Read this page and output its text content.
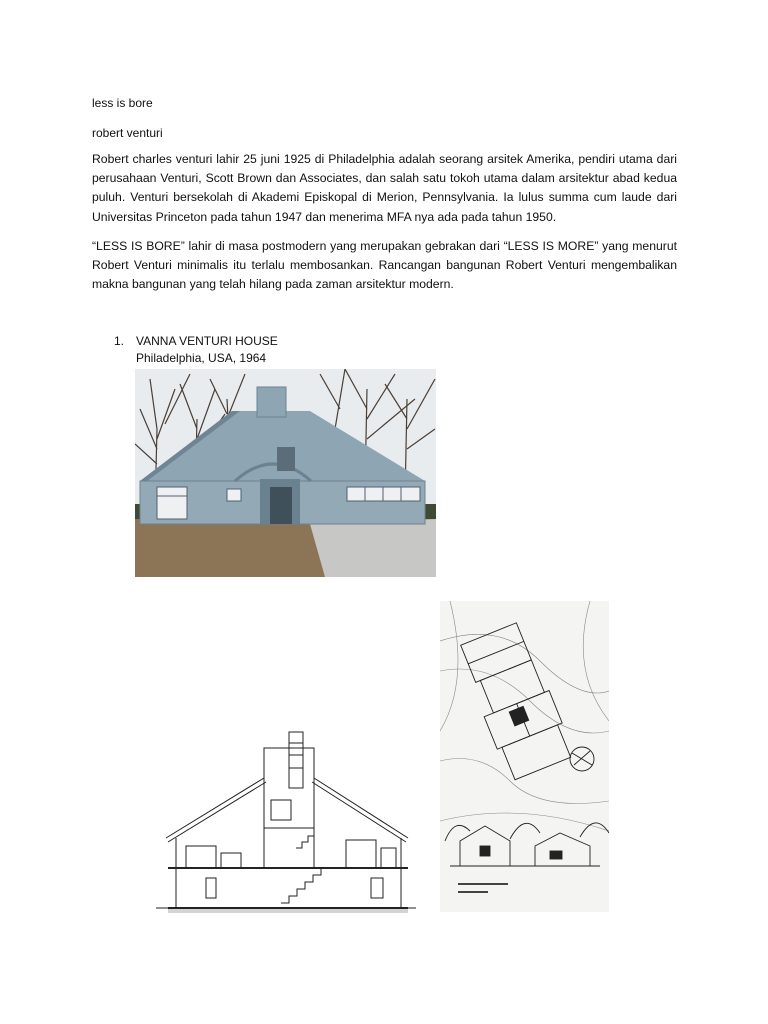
less is bore
robert venturi
Robert charles venturi lahir 25 juni 1925 di Philadelphia adalah seorang arsitek Amerika, pendiri utama dari perusahaan Venturi, Scott Brown dan Associates, dan salah satu tokoh utama dalam arsitektur abad kedua puluh. Venturi bersekolah di Akademi Episkopal di Merion, Pennsylvania. Ia lulus summa cum laude dari Universitas Princeton pada tahun 1947 dan menerima MFA nya ada pada tahun 1950.
“LESS IS BORE” lahir di masa postmodern yang merupakan gebrakan dari “LESS IS MORE” yang menurut Robert Venturi minimalis itu terlalu membosankan. Rancangan bangunan Robert Venturi mengembalikan makna bangunan yang telah hilang pada zaman arsitektur modern.
1. VANNA VENTURI HOUSE
Philadelphia, USA, 1964
